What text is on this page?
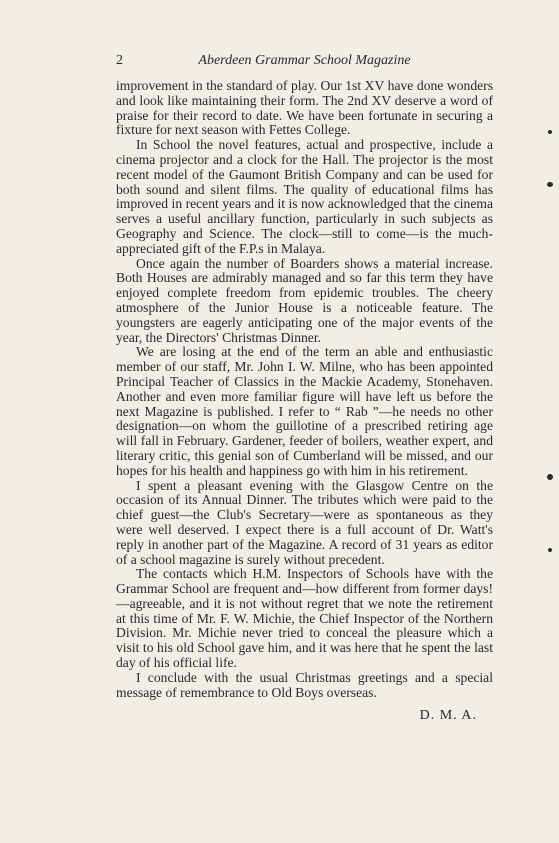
2	Aberdeen Grammar School Magazine

improvement in the standard of play. Our 1st XV have done wonders and look like maintaining their form. The 2nd XV deserve a word of praise for their record to date. We have been fortunate in securing a fixture for next season with Fettes College.

In School the novel features, actual and prospective, include a cinema projector and a clock for the Hall. The projector is the most recent model of the Gaumont British Company and can be used for both sound and silent films. The quality of educational films has improved in recent years and it is now acknowledged that the cinema serves a useful ancillary function, particularly in such subjects as Geography and Science. The clock—still to come—is the much-appreciated gift of the F.P.s in Malaya.

Once again the number of Boarders shows a material increase. Both Houses are admirably managed and so far this term they have enjoyed complete freedom from epidemic troubles. The cheery atmosphere of the Junior House is a noticeable feature. The youngsters are eagerly anticipating one of the major events of the year, the Directors' Christmas Dinner.

We are losing at the end of the term an able and enthusiastic member of our staff, Mr. John I. W. Milne, who has been appointed Principal Teacher of Classics in the Mackie Academy, Stonehaven. Another and even more familiar figure will have left us before the next Magazine is published. I refer to “ Rab ”—he needs no other designation—on whom the guillotine of a prescribed retiring age will fall in February. Gardener, feeder of boilers, weather expert, and literary critic, this genial son of Cumberland will be missed, and our hopes for his health and happiness go with him in his retirement.

I spent a pleasant evening with the Glasgow Centre on the occasion of its Annual Dinner. The tributes which were paid to the chief guest—the Club's Secretary—were as spontaneous as they were well deserved. I expect there is a full account of Dr. Watt's reply in another part of the Magazine. A record of 31 years as editor of a school magazine is surely without precedent.

The contacts which H.M. Inspectors of Schools have with the Grammar School are frequent and—how different from former days!—agreeable, and it is not without regret that we note the retirement at this time of Mr. F. W. Michie, the Chief Inspector of the Northern Division. Mr. Michie never tried to conceal the pleasure which a visit to his old School gave him, and it was here that he spent the last day of his official life.

I conclude with the usual Christmas greetings and a special message of remembrance to Old Boys overseas.

D. M. A.
